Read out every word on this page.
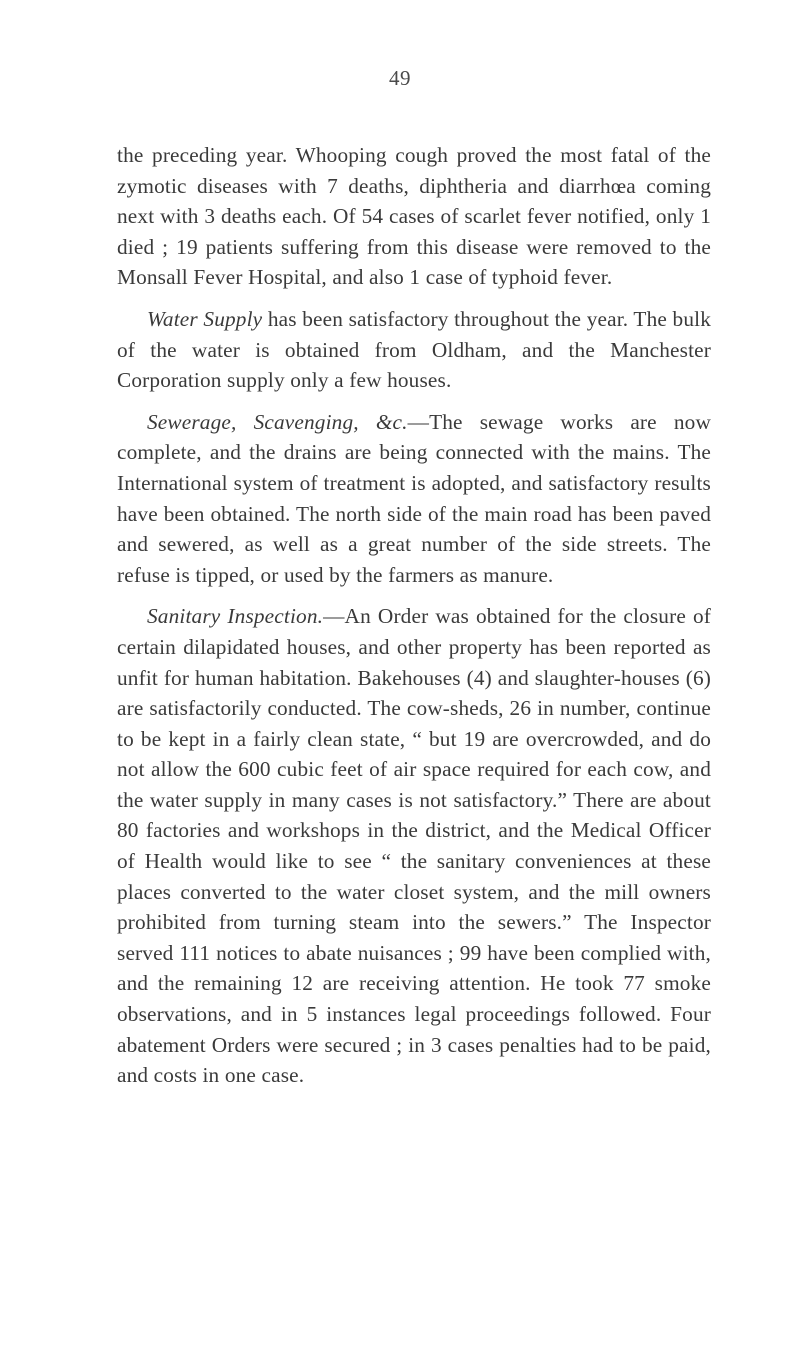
49

the preceding year. Whooping cough proved the most fatal of the zymotic diseases with 7 deaths, diphtheria and diarrhœa coming next with 3 deaths each. Of 54 cases of scarlet fever notified, only 1 died ; 19 patients suffering from this disease were removed to the Monsall Fever Hospital, and also 1 case of typhoid fever.

Water Supply has been satisfactory throughout the year. The bulk of the water is obtained from Oldham, and the Manchester Corporation supply only a few houses.

Sewerage, Scavenging, &c.—The sewage works are now complete, and the drains are being connected with the mains. The International system of treatment is adopted, and satisfactory results have been obtained. The north side of the main road has been paved and sewered, as well as a great number of the side streets. The refuse is tipped, or used by the farmers as manure.

Sanitary Inspection.—An Order was obtained for the closure of certain dilapidated houses, and other property has been reported as unfit for human habitation. Bakehouses (4) and slaughter-houses (6) are satisfactorily conducted. The cow-sheds, 26 in number, continue to be kept in a fairly clean state, “ but 19 are overcrowded, and do not allow the 600 cubic feet of air space required for each cow, and the water supply in many cases is not satisfactory.” There are about 80 factories and workshops in the district, and the Medical Officer of Health would like to see “ the sanitary conveniences at these places converted to the water closet system, and the mill owners prohibited from turning steam into the sewers.” The Inspector served 111 notices to abate nuisances ; 99 have been complied with, and the remaining 12 are receiving attention. He took 77 smoke observations, and in 5 instances legal proceedings followed. Four abatement Orders were secured ; in 3 cases penalties had to be paid, and costs in one case.
